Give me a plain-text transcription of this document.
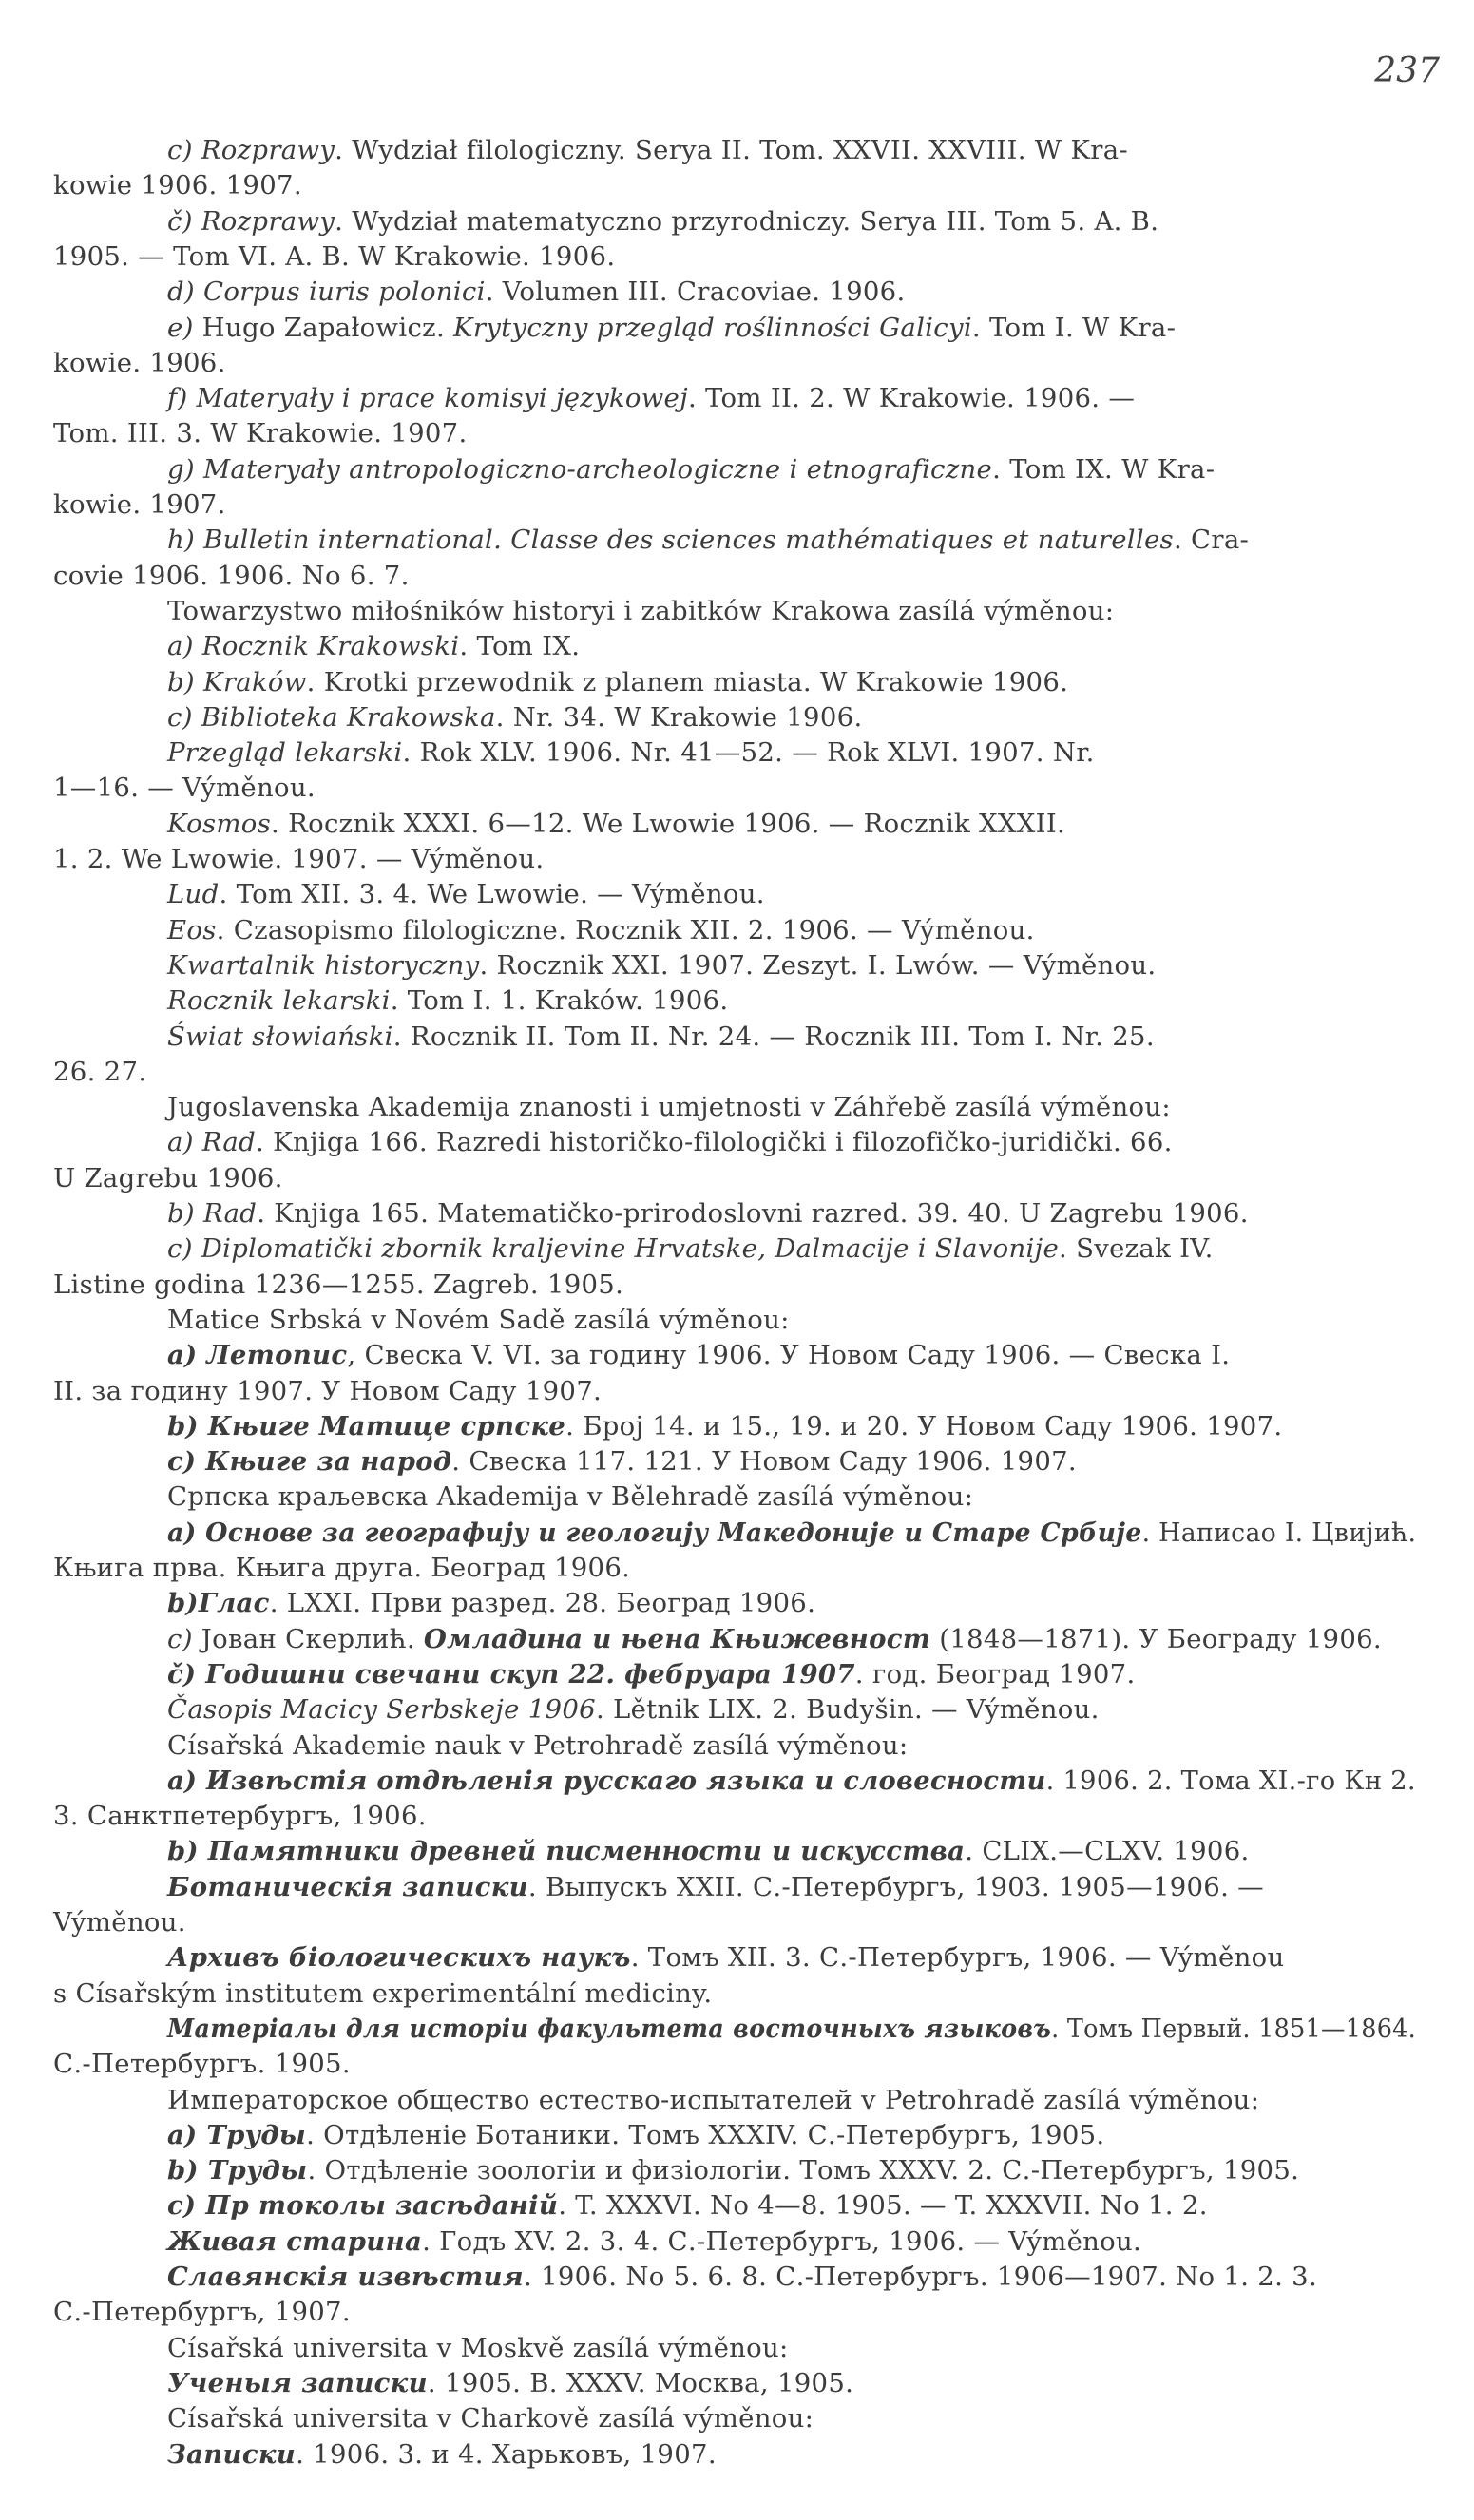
237
c) Rozprawy. Wydział filologiczny. Serya II. Tom. XXVII. XXVIII. W Kra-
kowie 1906. 1907.
č) Rozprawy. Wydział matematyczno przyrodniczy. Serya III. Tom 5. A. B.
1905. — Tom VI. A. B. W Krakowie. 1906.
d) Corpus iuris polonici. Volumen III. Cracoviae. 1906.
e) Hugo Zapałowicz. Krytyczny przegląd roślinności Galicyi. Tom I. W Kra-
kowie. 1906.
f) Materyały i prace komisyi językowej. Tom II. 2. W Krakowie. 1906. —
Tom. III. 3. W Krakowie. 1907.
g) Materyały antropologiczno-archeologiczne i etnograficzne. Tom IX. W Kra-
kowie. 1907.
h) Bulletin international. Classe des sciences mathématiques et naturelles. Cra-
covie 1906. 1906. No 6. 7.
Towarzystwo miłośników historyi i zabitków Krakowa zasílá výměnou:
a) Rocznik Krakowski. Tom IX.
b) Kraków. Krotki przewodnik z planem miasta. W Krakowie 1906.
c) Biblioteka Krakowska. Nr. 34. W Krakowie 1906.
Przegląd lekarski. Rok XLV. 1906. Nr. 41—52. — Rok XLVI. 1907. Nr.
1—16. — Výměnou.
Kosmos. Rocznik XXXI. 6—12. We Lwowie 1906. — Rocznik XXXII.
1. 2. We Lwowie. 1907. — Výměnou.
Lud. Tom XII. 3. 4. We Lwowie. — Výměnou.
Eos. Czasopismo filologiczne. Rocznik XII. 2. 1906. — Výměnou.
Kwartalnik historyczny. Rocznik XXI. 1907. Zeszyt. I. Lwów. — Výměnou.
Rocznik lekarski. Tom I. 1. Kraków. 1906.
Świat słowiański. Rocznik II. Tom II. Nr. 24. — Rocznik III. Tom I. Nr. 25.
26. 27.
Jugoslavenska Akademija znanosti i umjetnosti v Záhřebě zasílá výměnou:
a) Rad. Knjiga 166. Razredi historičko-filologički i filozofičko-juridički. 66.
U Zagrebu 1906.
b) Rad. Knjiga 165. Matematičko-prirodoslovni razred. 39. 40. U Zagrebu 1906.
c) Diplomatički zbornik kraljevine Hrvatske, Dalmacije i Slavonije. Svezak IV.
Listine godina 1236—1255. Zagreb. 1905.
Matice Srbská v Novém Sadě zasílá výměnou:
a) Летопис, Свеска V. VI. за годину 1906. У Новом Саду 1906. — Свеска I.
II. за годину 1907. У Новом Саду 1907.
b) Књиге Матице српске. Број 14. и 15., 19. и 20. У Новом Саду 1906. 1907.
c) Књиге за народ. Свеска 117. 121. У Новом Саду 1906. 1907.
Српска краљевска Akademija v Bělehradě zasílá výměnou:
a) Основе за географију и геологију Македоније и Старе Србије. Написао I. Цвијић.
Књига прва. Књига друга. Београд 1906.
b)Глас. LXXI. Први разред. 28. Београд 1906.
c) Јован Скерлић. Омладина и њена Књижевност (1848—1871). У Београду 1906.
č) Годишни свечани скуп 22. фебруара 1907. год. Београд 1907.
Časopis Macicy Serbskeje 1906. Lětnik LIX. 2. Budyšin. — Výměnou.
Císařská Akademie nauk v Petrohradě zasílá výměnou:
a) Извѣстія отдѣленія русскаго языка и словесности. 1906. 2. Тома XI.-го Кн 2.
3. Санктпетербургъ, 1906.
b) Памятники древней писменности и искусства. CLIX.—CLXV. 1906.
Ботаническія записки. Выпускъ XXII. С.-Петербургъ, 1903. 1905—1906. —
Výměnou.
Архивъ біологическихъ наукъ. Томъ XII. 3. С.-Петербургъ, 1906. — Výměnou
s Císařským institutem experimentální mediciny.
Матеріалы для исторіи факультета восточныхъ языковъ. Томъ Первый. 1851—1864.
С.-Петербургъ. 1905.
Императорское общество естество-испытателей v Petrohradě zasílá výměnou:
a) Труды. Отдѣленіе Ботаники. Томъ XXXIV. С.-Петербургъ, 1905.
b) Труды. Отдѣленіе зоологіи и физіологіи. Томъ XXXV. 2. С.-Петербургъ, 1905.
c) Пр токолы засѣданій. T. XXXVI. No 4—8. 1905. — T. XXXVII. No 1. 2.
Живая старина. Годъ XV. 2. 3. 4. С.-Петербургъ, 1906. — Výměnou.
Славянскія извѣстия. 1906. No 5. 6. 8. С.-Петербургъ. 1906—1907. No 1. 2. 3.
С.-Петербургъ, 1907.
Císařská universita v Moskvě zasílá výměnou:
Ученыя записки. 1905. B. XXXV. Москва, 1905.
Císařská universita v Charkově zasílá výměnou:
Записки. 1906. 3. и 4. Харьковъ, 1907.
